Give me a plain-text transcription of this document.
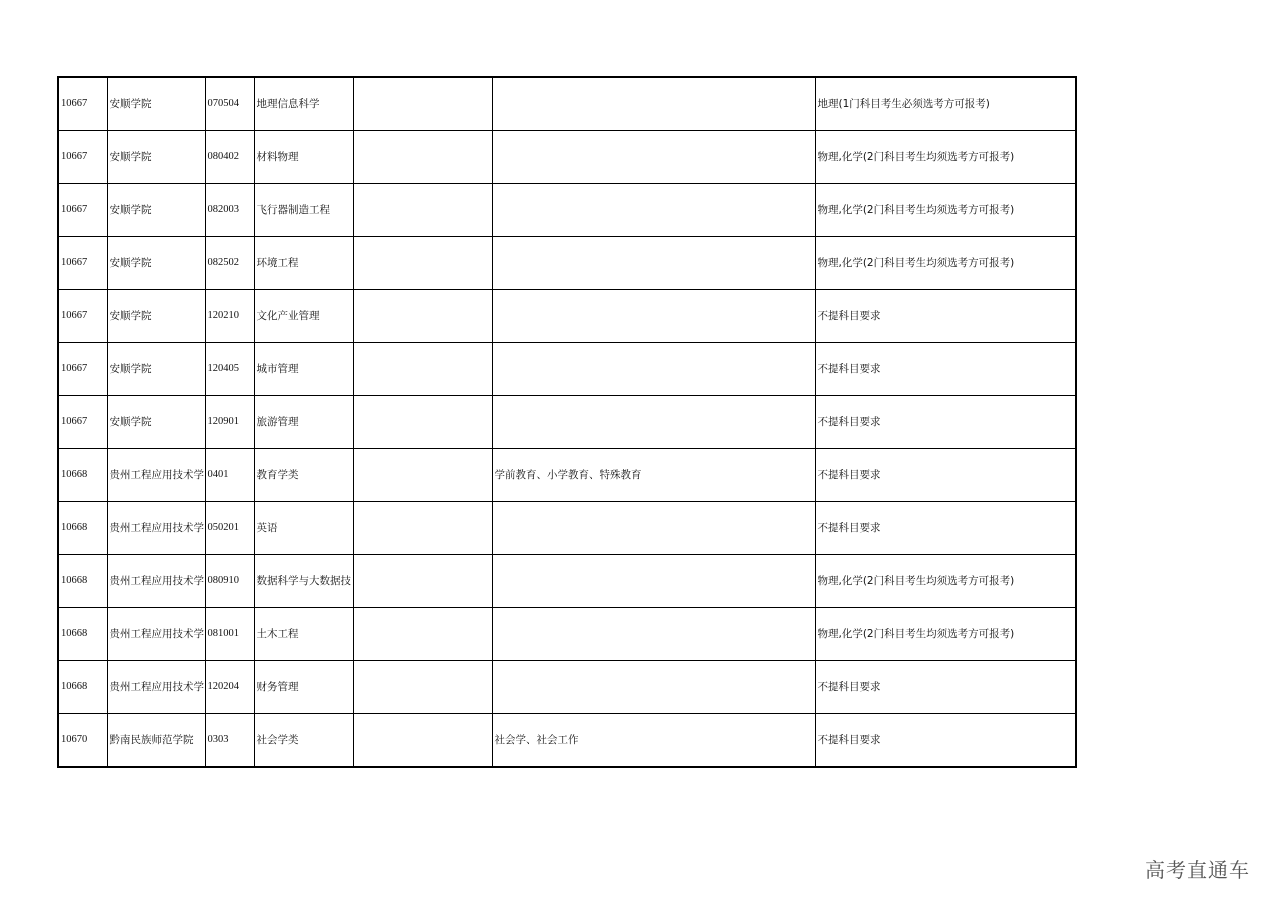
10667	安顺学院	070504	地理信息科学			地理(1门科目考生必须选考方可报考)
10667	安顺学院	080402	材料物理			物理,化学(2门科目考生均须选考方可报考)
10667	安顺学院	082003	飞行器制造工程			物理,化学(2门科目考生均须选考方可报考)
10667	安顺学院	082502	环境工程			物理,化学(2门科目考生均须选考方可报考)
10667	安顺学院	120210	文化产业管理			不提科目要求
10667	安顺学院	120405	城市管理			不提科目要求
10667	安顺学院	120901	旅游管理			不提科目要求
10668	贵州工程应用技术学	0401	教育学类		学前教育、小学教育、特殊教育	不提科目要求
10668	贵州工程应用技术学	050201	英语			不提科目要求
10668	贵州工程应用技术学	080910	数据科学与大数据技			物理,化学(2门科目考生均须选考方可报考)
10668	贵州工程应用技术学	081001	土木工程			物理,化学(2门科目考生均须选考方可报考)
10668	贵州工程应用技术学	120204	财务管理			不提科目要求
10670	黔南民族师范学院	0303	社会学类		社会学、社会工作	不提科目要求
高考直通车
